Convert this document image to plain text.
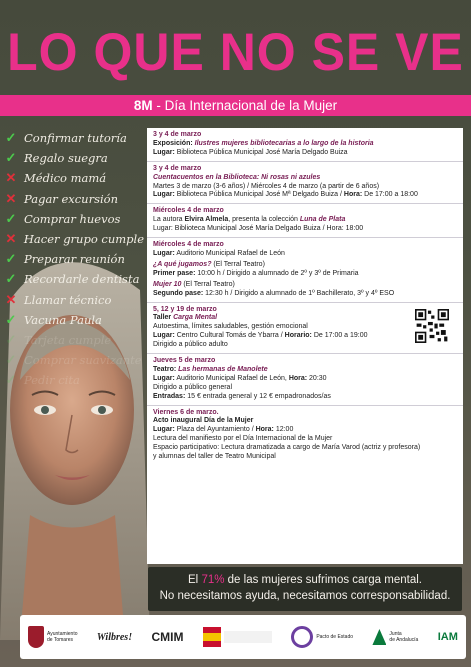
LO QUE NO SE VE
8M - Día Internacional de la Mujer
✓ Confirmar tutoría
✓ Regalo suegra
✕ Médico mamá
✕ Pagar excursión
✓ Comprar huevos
✕ Hacer grupo cumple
✓ Preparar reunión
✓ Recordarle dentista
✕ Llamar técnico
✓ Vacuna Paula
✓ Tarjeta cumple
✓ Comprar suavizante
✓ Pedir cita
3 y 4 de marzo
Exposición: Ilustres mujeres bibliotecarias a lo largo de la historia
Lugar: Biblioteca Pública Municipal José María Delgado Buiza
3 y 4 de marzo
Cuentacuentos en la Biblioteca: Ni rosas ni azules
Martes 3 de marzo (3-6 años) / Miércoles 4 de marzo (a partir de 6 años)
Lugar: Biblioteca Pública Municipal José Mª Delgado Buiza / Hora: De 17:00 a 18:00
Miércoles 4 de marzo
La autora Elvira Almela, presenta la colección Luna de Plata
Lugar: Biblioteca Municipal José María Delgado Buiza / Hora: 18:00
Miércoles 4 de marzo
Lugar: Auditorio Municipal Rafael de León
¿A qué jugamos? (El Terral Teatro)
Primer pase: 10:00 h / Dirigido a alumnado de 2º y 3º de Primaria
Mujer 10 (El Terral Teatro)
Segundo pase: 12:30 h / Dirigido a alumnado de 1º Bachillerato, 3º y 4º ESO
5, 12 y 19 de marzo
Taller Carga Mental
Autoestima, límites saludables, gestión emocional
Lugar: Centro Cultural Tomás de Ybarra / Horario: De 17:00 a 19:00
Dirigido a público adulto
Jueves 5 de marzo
Teatro: Las hermanas de Manolete
Lugar: Auditorio Municipal Rafael de León, Hora: 20:30
Dirigido a público general
Entradas: 15 € entrada general y 12 € empadronados/as
Viernes 6 de marzo.
Acto inaugural Día de la Mujer
Lugar: Plaza del Ayuntamiento / Hora: 12:00
Lectura del manifiesto por el Día Internacional de la Mujer
Espacio participativo: Lectura dramatizada a cargo de María Varod (actriz y profesora)
y alumnas del taller de Teatro Municipal
El 71% de las mujeres sufrimos carga mental.
No necesitamos ayuda, necesitamos corresponsabilidad.
Ayuntamiento
de Tomares	Wilbres! CMIM	Pacto de Estado	Junta
de Andalucía IAM
